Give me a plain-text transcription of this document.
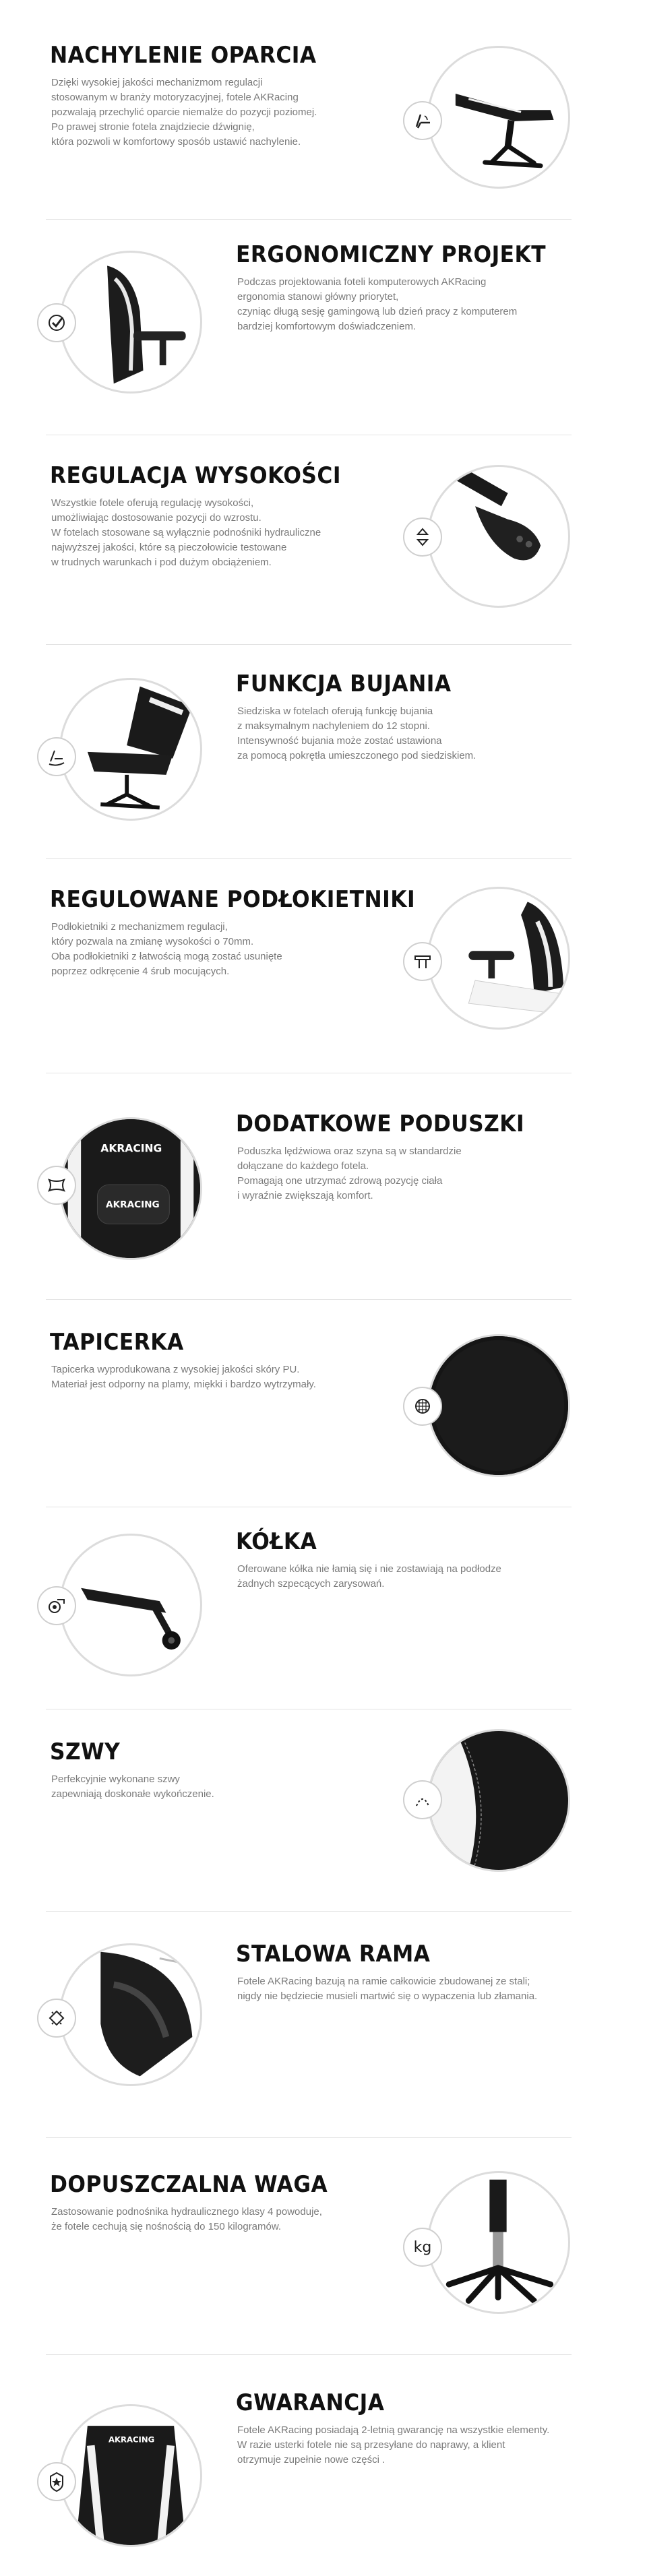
NACHYLENIE OPARCIA

Dzięki wysokiej jakości mechanizmom regulacji

stosowanym w branży motoryzacyjnej, fotele AKRacing

pozwalają przechylić oparcie niemalże do pozycji poziomej.

Po prawej stronie fotela znajdziecie dźwignię,

która pozwoli w komfortowy sposób ustawić nachylenie.

ERGONOMICZNY PROJEKT

Podczas projektowania foteli komputerowych AKRacing

ergonomia stanowi główny priorytet,

czyniąc długą sesję gamingową lub dzień pracy z komputerem

bardziej komfortowym doświadczeniem.

REGULACJA WYSOKOŚCI

Wszystkie fotele oferują regulację wysokości,

umożliwiając dostosowanie pozycji do wzrostu.

W fotelach stosowane są wyłącznie podnośniki hydrauliczne

najwyższej jakości, które są pieczołowicie testowane

w trudnych warunkach i pod dużym obciążeniem.

FUNKCJA BUJANIA

Siedziska w fotelach oferują funkcję bujania

z maksymalnym nachyleniem do 12 stopni.

Intensywność bujania może zostać ustawiona

za pomocą pokrętła umieszczonego pod siedziskiem.

REGULOWANE PODŁOKIETNIKI

Podłokietniki z mechanizmem regulacji,

który pozwala na zmianę wysokości o 70mm.

Oba podłokietniki z łatwością mogą zostać usunięte

poprzez odkręcenie 4 śrub mocujących.

DODATKOWE PODUSZKI

Poduszka lędźwiowa oraz szyna są w standardzie

dołączane do każdego fotela.

Pomagają one utrzymać zdrową pozycję ciała

i wyraźnie zwiększają komfort.

AKRACING
AKRACING
TAPICERKA

Tapicerka wyprodukowana z wysokiej jakości skóry PU.

Materiał jest odporny na plamy, miękki i bardzo wytrzymały.

KÓŁKA

Oferowane kółka nie łamią się i nie zostawiają na podłodze

żadnych szpecących zarysowań.

SZWY

Perfekcyjnie wykonane szwy

zapewniają doskonałe wykończenie.

STALOWA RAMA

Fotele AKRacing bazują na ramie całkowicie zbudowanej ze stali;

nigdy nie będziecie musieli martwić się o wypaczenia lub złamania.

DOPUSZCZALNA WAGA

Zastosowanie podnośnika hydraulicznego klasy 4 powoduje,

że fotele cechują się nośnością do 150 kilogramów.

kg
GWARANCJA

Fotele AKRacing posiadają 2-letnią gwarancję na wszystkie elementy.

W razie usterki fotele nie są przesyłane do naprawy, a klient

otrzymuje zupełnie nowe części .

AKRACING
